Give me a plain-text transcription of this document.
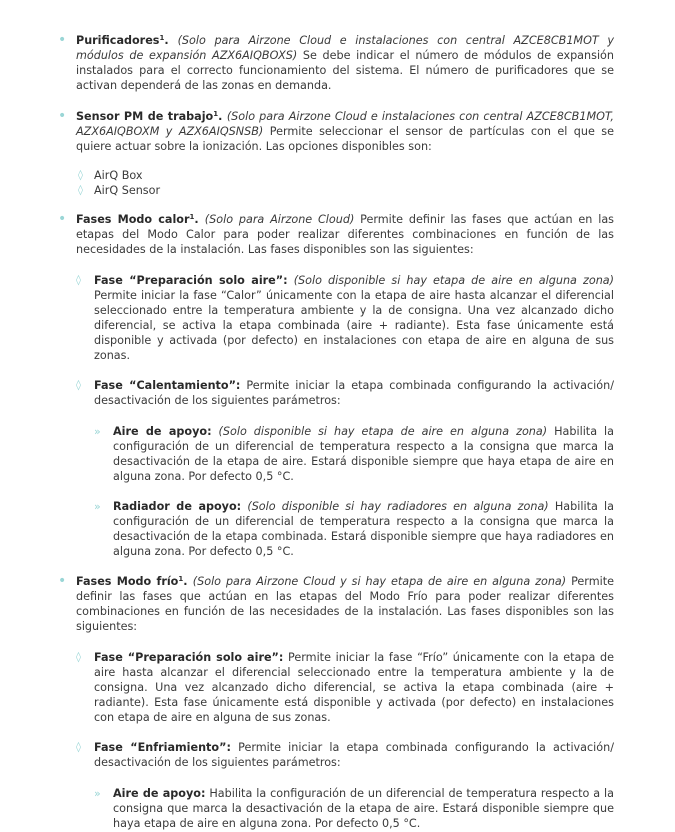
• Purificadores$^1$. (Solo para Airzone Cloud e instalaciones con central AZCE8CB1MOT y módulos de expansión AZX6AIQBOXS) Se debe indicar el número de módulos de expansión instalados para el correcto funcionamiento del sistema. El número de purificadores que se activan dependerá de las zonas en demanda.

• Sensor PM de trabajo$^1$. (Solo para Airzone Cloud e instalaciones con central AZCE8CB1MOT, AZX6AIQBOXM y AZX6AIQSNSB) Permite seleccionar el sensor de partículas con el que se quiere actuar sobre la ionización. Las opciones disponibles son:

◊ AirQ Box
◊ AirQ Sensor
• Fases Modo calor$^1$. (Solo para Airzone Cloud) Permite definir las fases que actúan en las etapas del Modo Calor para poder realizar diferentes combinaciones en función de las necesidades de la instalación. Las fases disponibles son las siguientes:

◊ Fase “Preparación solo aire”: (Solo disponible si hay etapa de aire en alguna zona) Permite iniciar la fase “Calor” únicamente con la etapa de aire hasta alcanzar el diferencial seleccionado entre la temperatura ambiente y la de consigna. Una vez alcanzado dicho diferencial, se activa la etapa combinada (aire + radiante). Esta fase únicamente está disponible y activada (por defecto) en instalaciones con etapa de aire en alguna de sus zonas.

◊ Fase “Calentamiento”: Permite iniciar la etapa combinada configurando la activación/ desactivación de los siguientes parámetros:

» Aire de apoyo: (Solo disponible si hay etapa de aire en alguna zona) Habilita la configuración de un diferencial de temperatura respecto a la consigna que marca la desactivación de la etapa de aire. Estará disponible siempre que haya etapa de aire en alguna zona. Por defecto 0,5 °C.

» Radiador de apoyo: (Solo disponible si hay radiadores en alguna zona) Habilita la configuración de un diferencial de temperatura respecto a la consigna que marca la desactivación de la etapa combinada. Estará disponible siempre que haya radiadores en alguna zona. Por defecto 0,5 °C.

• Fases Modo frío$^1$. (Solo para Airzone Cloud y si hay etapa de aire en alguna zona) Permite definir las fases que actúan en las etapas del Modo Frío para poder realizar diferentes combinaciones en función de las necesidades de la instalación. Las fases disponibles son las siguientes:

◊ Fase “Preparación solo aire”: Permite iniciar la fase “Frío” únicamente con la etapa de aire hasta alcanzar el diferencial seleccionado entre la temperatura ambiente y la de consigna. Una vez alcanzado dicho diferencial, se activa la etapa combinada (aire + radiante). Esta fase únicamente está disponible y activada (por defecto) en instalaciones con etapa de aire en alguna de sus zonas.

◊ Fase “Enfriamiento”: Permite iniciar la etapa combinada configurando la activación/ desactivación de los siguientes parámetros:

» Aire de apoyo: Habilita la configuración de un diferencial de temperatura respecto a la consigna que marca la desactivación de la etapa de aire. Estará disponible siempre que haya etapa de aire en alguna zona. Por defecto 0,5 °C.
